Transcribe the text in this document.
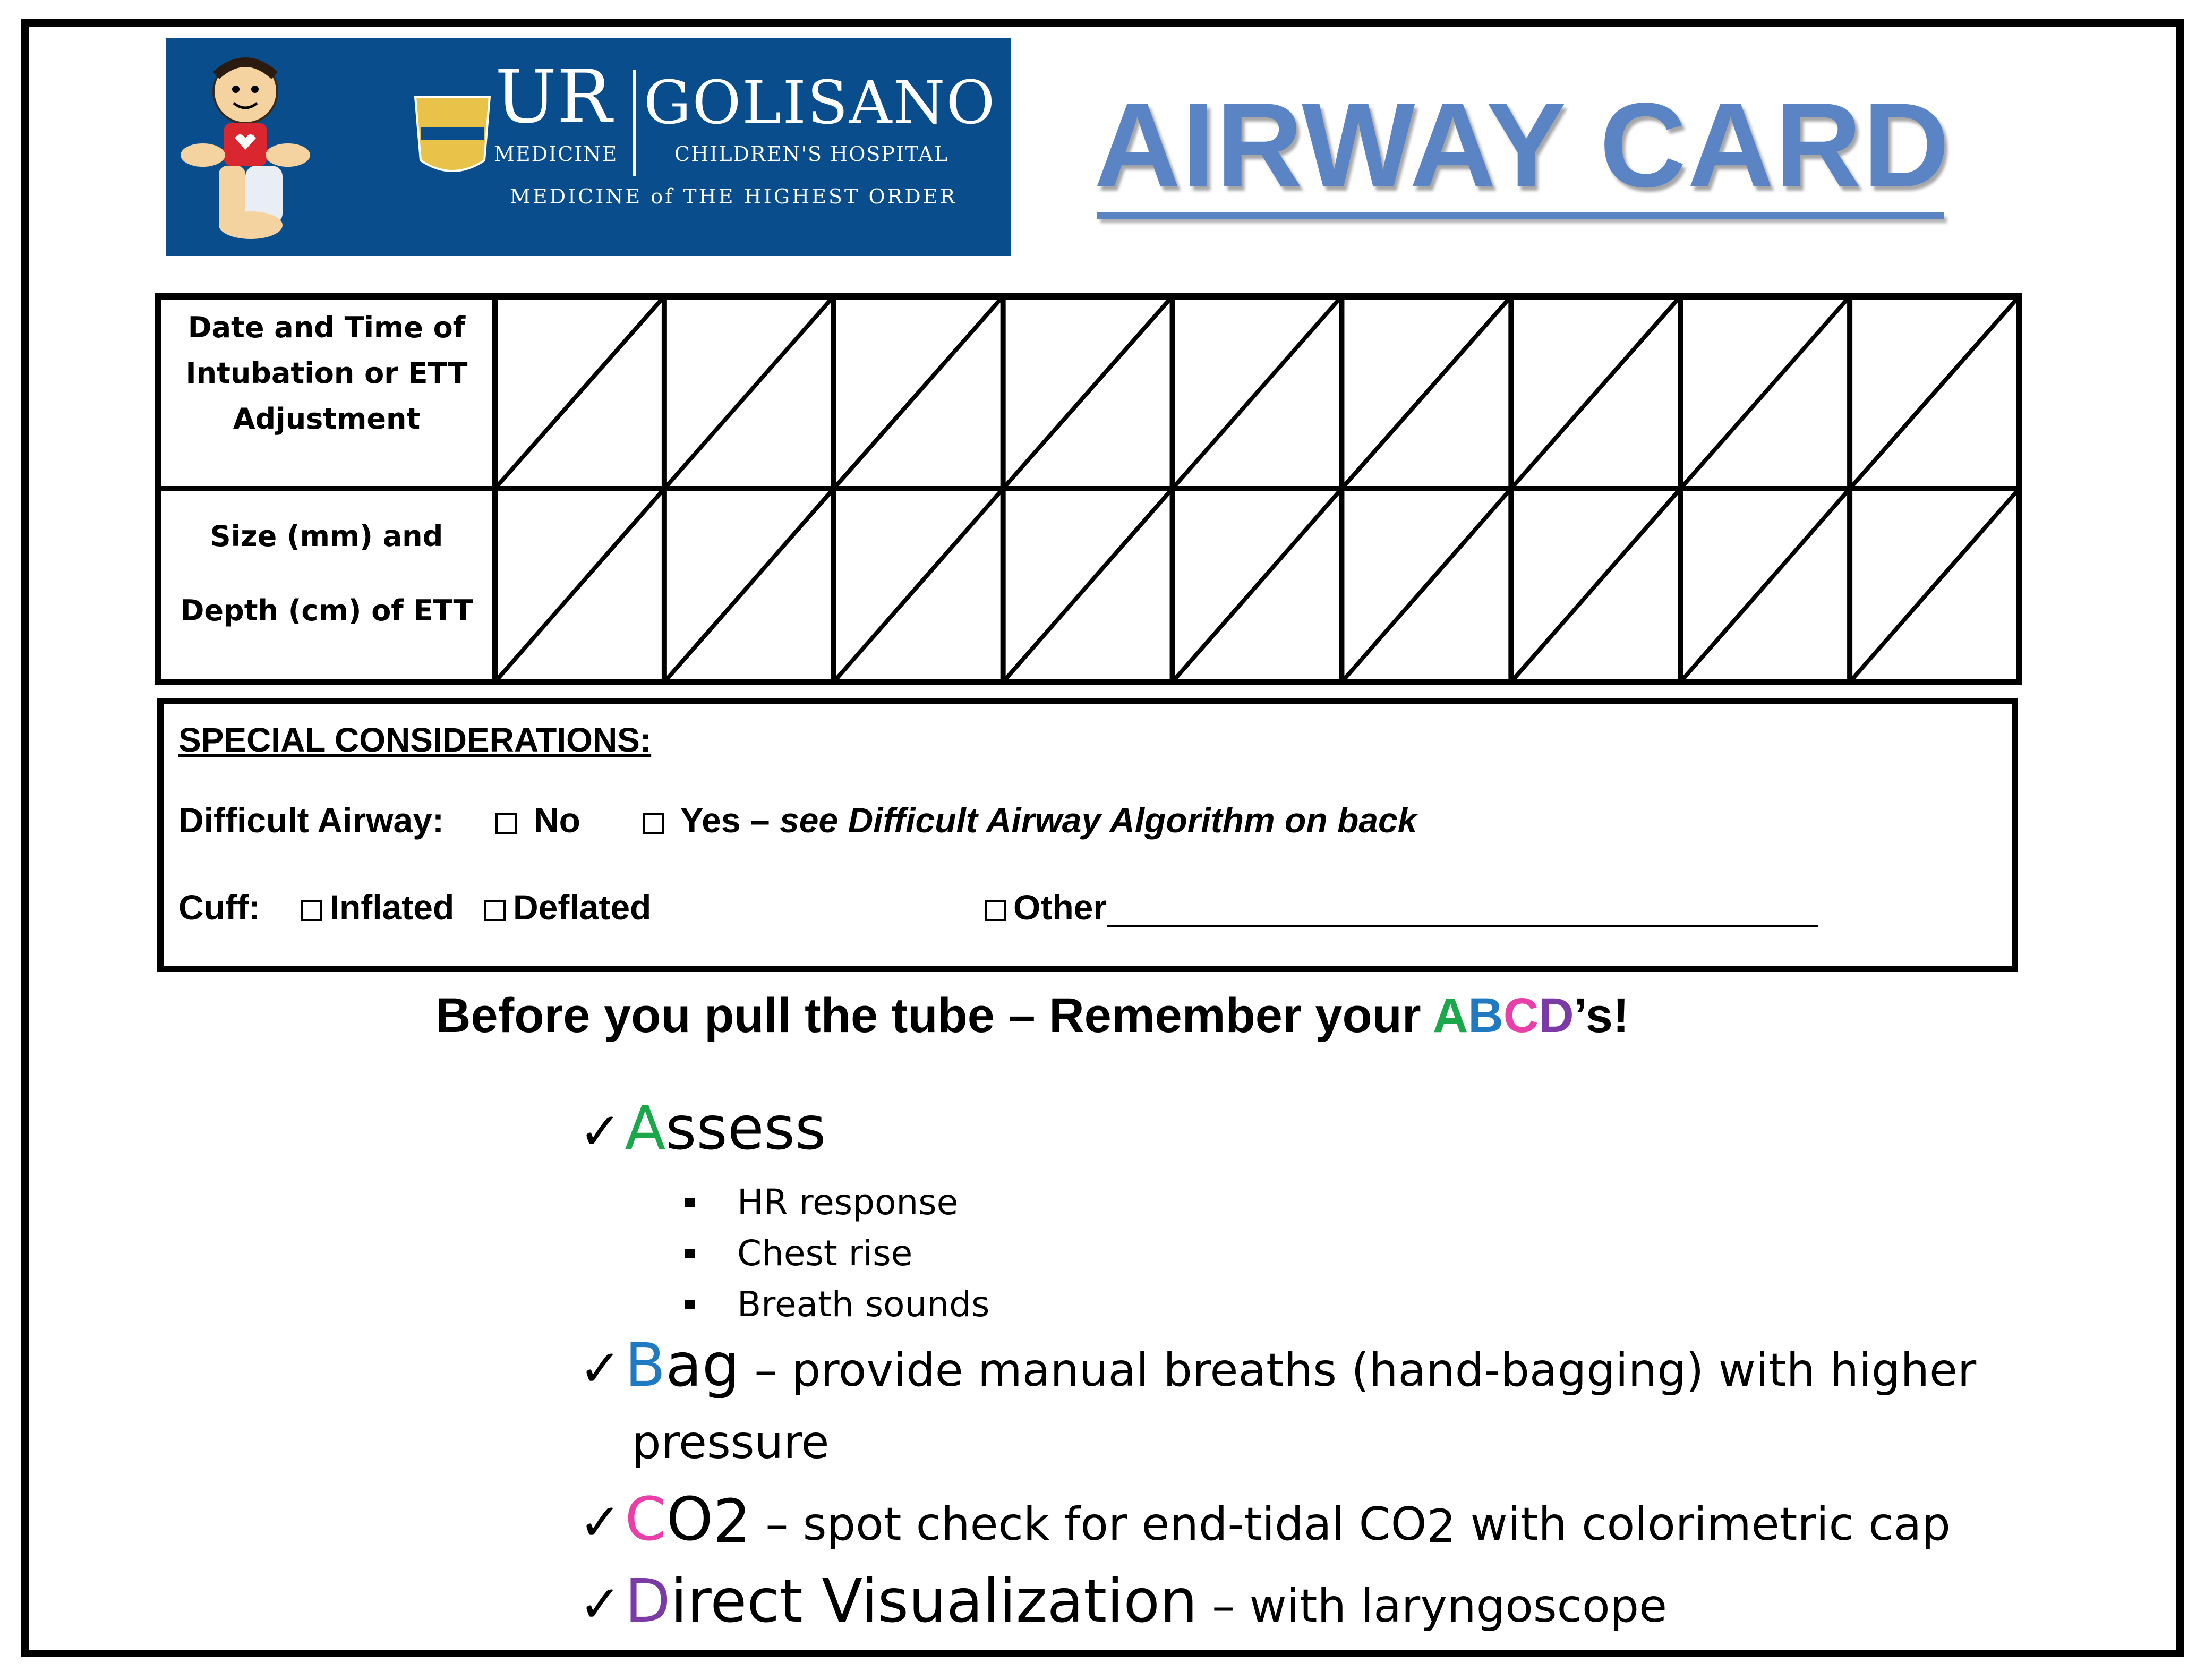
UR GOLISANO
MEDICINE	CHILDREN'S HOSPITAL
MEDICINE of THE HIGHEST ORDER AIRWAY CARD
Date and Time of
Intubation or ETT
Adjustment
Size (mm) and
Depth (cm) of ETT
SPECIAL CONSIDERATIONS:
Difficult Airway:	No	Yes – see Difficult Airway Algorithm on back
Cuff: Inflated Deflated	Other
Before you pull the tube – Remember your ABCD’s!
✓Assess
HR response
Chest rise
Breath sounds
✓Bag – provide manual breaths (hand-bagging) with higher
pressure
$✓CO_2$ – spot check for end-tidal $CO_2$ with colorimetric cap
✓Direct Visualization – with laryngoscope
